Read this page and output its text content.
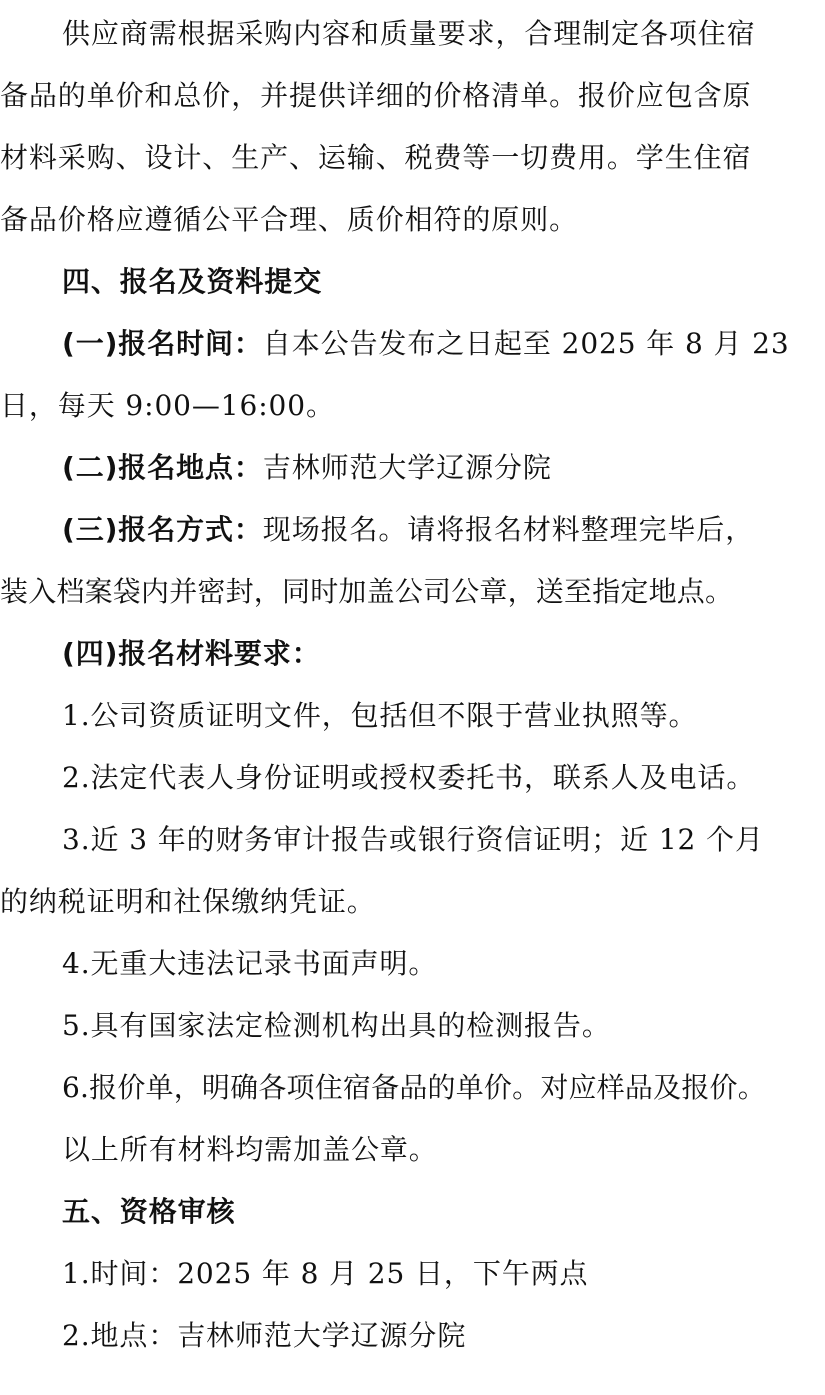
供应商需根据采购内容和质量要求，合理制定各项住宿
备品的单价和总价，并提供详细的价格清单。报价应包含原
材料采购、设计、生产、运输、税费等一切费用。学生住宿
备品价格应遵循公平合理、质价相符的原则。
四、报名及资料提交
(一)报名时间：自本公告发布之日起至 2025 年 8 月 23
日，每天 9:00—16:00。
(二)报名地点：吉林师范大学辽源分院
(三)报名方式：现场报名。请将报名材料整理完毕后，
装入档案袋内并密封，同时加盖公司公章，送至指定地点。
(四)报名材料要求：
1.公司资质证明文件，包括但不限于营业执照等。
2.法定代表人身份证明或授权委托书，联系人及电话。
3.近 3 年的财务审计报告或银行资信证明；近 12 个月
的纳税证明和社保缴纳凭证。
4.无重大违法记录书面声明。
5.具有国家法定检测机构出具的检测报告。
6.报价单，明确各项住宿备品的单价。对应样品及报价。
以上所有材料均需加盖公章。
五、资格审核
1.时间：2025 年 8 月 25 日，下午两点
2.地点：吉林师范大学辽源分院
